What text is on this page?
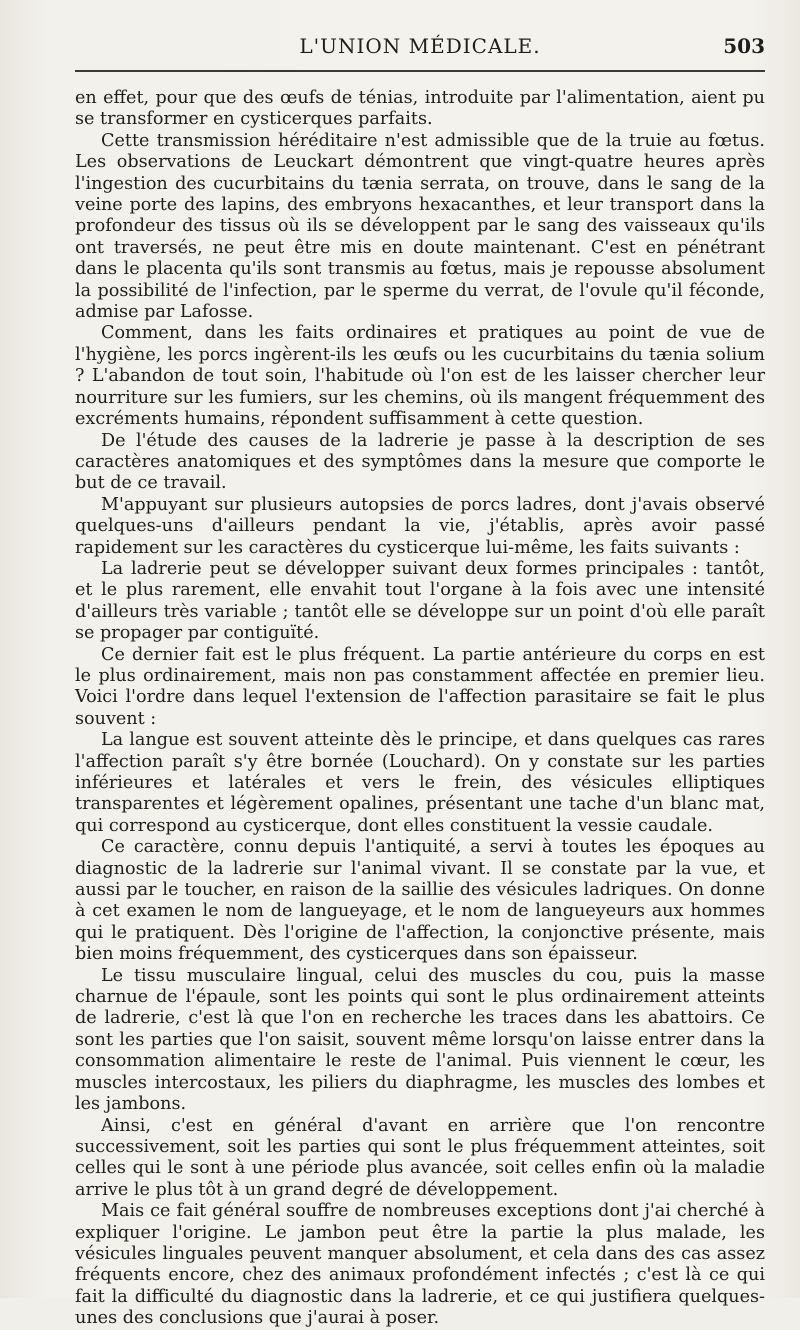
L'UNION MÉDICALE.	503

en effet, pour que des œufs de ténias, introduite par l'alimentation, aient pu se transformer en cysticerques parfaits.

Cette transmission héréditaire n'est admissible que de la truie au fœtus. Les observations de Leuckart démontrent que vingt-quatre heures après l'ingestion des cucurbitains du tænia serrata, on trouve, dans le sang de la veine porte des lapins, des embryons hexacanthes, et leur transport dans la profondeur des tissus où ils se développent par le sang des vaisseaux qu'ils ont traversés, ne peut être mis en doute maintenant. C'est en pénétrant dans le placenta qu'ils sont transmis au fœtus, mais je repousse absolument la possibilité de l'infection, par le sperme du verrat, de l'ovule qu'il féconde, admise par Lafosse.

Comment, dans les faits ordinaires et pratiques au point de vue de l'hygiène, les porcs ingèrent-ils les œufs ou les cucurbitains du tænia solium ? L'abandon de tout soin, l'habitude où l'on est de les laisser chercher leur nourriture sur les fumiers, sur les chemins, où ils mangent fréquemment des excréments humains, répondent suffisamment à cette question.

De l'étude des causes de la ladrerie je passe à la description de ses caractères anatomiques et des symptômes dans la mesure que comporte le but de ce travail.

M'appuyant sur plusieurs autopsies de porcs ladres, dont j'avais observé quelques-uns d'ailleurs pendant la vie, j'établis, après avoir passé rapidement sur les caractères du cysticerque lui-même, les faits suivants :

La ladrerie peut se développer suivant deux formes principales : tantôt, et le plus rarement, elle envahit tout l'organe à la fois avec une intensité d'ailleurs très variable ; tantôt elle se développe sur un point d'où elle paraît se propager par contiguïté.

Ce dernier fait est le plus fréquent. La partie antérieure du corps en est le plus ordinairement, mais non pas constamment affectée en premier lieu. Voici l'ordre dans lequel l'extension de l'affection parasitaire se fait le plus souvent :

La langue est souvent atteinte dès le principe, et dans quelques cas rares l'affection paraît s'y être bornée (Louchard). On y constate sur les parties inférieures et latérales et vers le frein, des vésicules elliptiques transparentes et légèrement opalines, présentant une tache d'un blanc mat, qui correspond au cysticerque, dont elles constituent la vessie caudale.

Ce caractère, connu depuis l'antiquité, a servi à toutes les époques au diagnostic de la ladrerie sur l'animal vivant. Il se constate par la vue, et aussi par le toucher, en raison de la saillie des vésicules ladriques. On donne à cet examen le nom de langueyage, et le nom de langueyeurs aux hommes qui le pratiquent. Dès l'origine de l'affection, la conjonctive présente, mais bien moins fréquemment, des cysticerques dans son épaisseur.

Le tissu musculaire lingual, celui des muscles du cou, puis la masse charnue de l'épaule, sont les points qui sont le plus ordinairement atteints de ladrerie, c'est là que l'on en recherche les traces dans les abattoirs. Ce sont les parties que l'on saisit, souvent même lorsqu'on laisse entrer dans la consommation alimentaire le reste de l'animal. Puis viennent le cœur, les muscles intercostaux, les piliers du diaphragme, les muscles des lombes et les jambons.

Ainsi, c'est en général d'avant en arrière que l'on rencontre successivement, soit les parties qui sont le plus fréquemment atteintes, soit celles qui le sont à une période plus avancée, soit celles enfin où la maladie arrive le plus tôt à un grand degré de développement.

Mais ce fait général souffre de nombreuses exceptions dont j'ai cherché à expliquer l'origine. Le jambon peut être la partie la plus malade, les vésicules linguales peuvent manquer absolument, et cela dans des cas assez fréquents encore, chez des animaux profondément infectés ; c'est là ce qui fait la difficulté du diagnostic dans la ladrerie, et ce qui justifiera quelques-unes des conclusions que j'aurai à poser.
